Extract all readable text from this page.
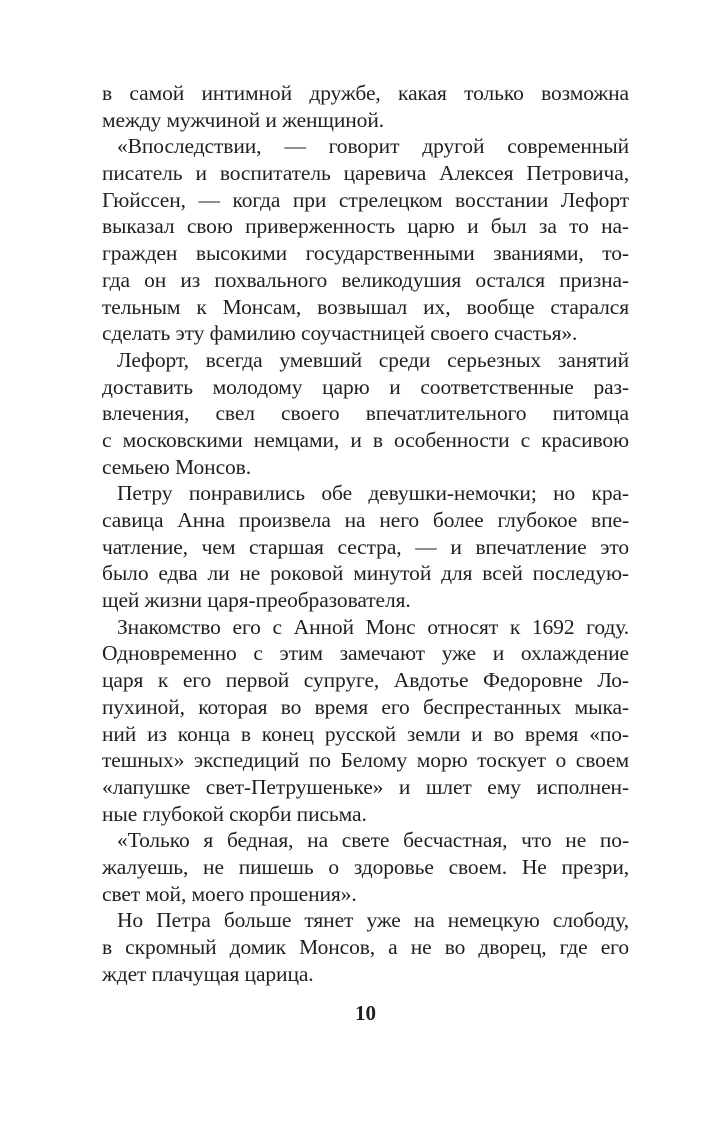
в самой интимной дружбе, какая только возможна
между мужчиной и женщиной.
«Впоследствии, — говорит другой современный
писатель и воспитатель царевича Алексея Петровича,
Гюйссен, — когда при стрелецком восстании Лефорт
выказал свою приверженность царю и был за то на-
гражден высокими государственными званиями, то-
гда он из похвального великодушия остался призна-
тельным к Монсам, возвышал их, вообще старался
сделать эту фамилию соучастницей своего счастья».
Лефорт, всегда умевший среди серьезных занятий
доставить молодому царю и соответственные раз-
влечения, свел своего впечатлительного питомца
с московскими немцами, и в особенности с красивою
семьею Монсов.
Петру понравились обе девушки-немочки; но кра-
савица Анна произвела на него более глубокое впе-
чатление, чем старшая сестра, — и впечатление это
было едва ли не роковой минутой для всей последую-
щей жизни царя-преобразователя.
Знакомство его с Анной Монс относят к 1692 году.
Одновременно с этим замечают уже и охлаждение
царя к его первой супруге, Авдотье Федоровне Ло-
пухиной, которая во время его беспрестанных мыка-
ний из конца в конец русской земли и во время «по-
тешных» экспедиций по Белому морю тоскует о своем
«лапушке свет-Петрушеньке» и шлет ему исполнен-
ные глубокой скорби письма.
«Только я бедная, на свете бесчастная, что не по-
жалуешь, не пишешь о здоровье своем. Не презри,
свет мой, моего прошения».
Но Петра больше тянет уже на немецкую слободу,
в скромный домик Монсов, а не во дворец, где его
ждет плачущая царица.
10
